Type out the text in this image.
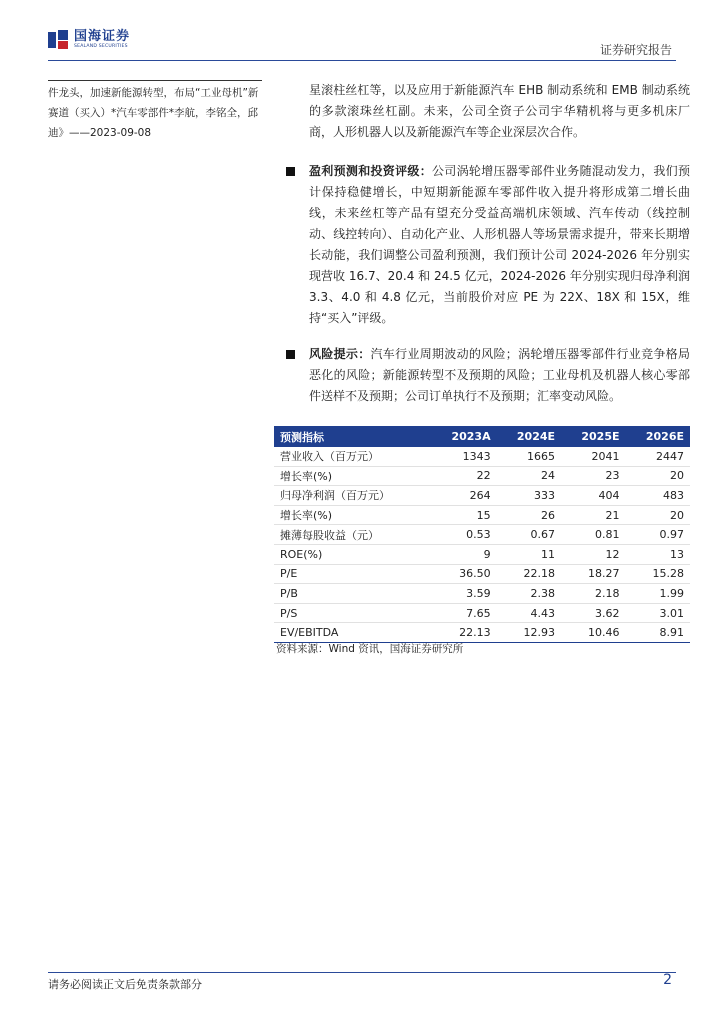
国海证券
SEALAND SECURITIES	证券研究报告
件龙头，加速新能源转型，布局“工业母机”新赛道（买入）*汽车零部件*李航，李铭全，邱迪》——2023-09-08
星滚柱丝杠等，以及应用于新能源汽车 EHB 制动系统和 EMB 制动系统的多款滚珠丝杠副。未来，公司全资子公司宇华精机将与更多机床厂商，人形机器人以及新能源汽车等企业深层次合作。
盈利预测和投资评级：公司涡轮增压器零部件业务随混动发力，我们预计保持稳健增长，中短期新能源车零部件收入提升将形成第二增长曲线，未来丝杠等产品有望充分受益高端机床领域、汽车传动（线控制动、线控转向）、自动化产业、人形机器人等场景需求提升，带来长期增长动能，我们调整公司盈利预测，我们预计公司 2024-2026 年分别实现营收 16.7、20.4 和 24.5 亿元，2024-2026 年分别实现归母净利润 3.3、4.0 和 4.8 亿元，当前股价对应 PE 为 22X、18X 和 15X，维持“买入”评级。
风险提示：汽车行业周期波动的风险；涡轮增压器零部件行业竞争格局恶化的风险；新能源转型不及预期的风险；工业母机及机器人核心零部件送样不及预期；公司订单执行不及预期；汇率变动风险。
预测指标	2023A	2024E	2025E	2026E
营业收入（百万元）	1343	1665	2041	2447
增长率(%)	22	24	23	20
归母净利润（百万元）	264	333	404	483
增长率(%)	15	26	21	20
摊薄每股收益（元）	0.53	0.67	0.81	0.97
ROE(%)	9	11	12	13
P/E	36.50	22.18	18.27	15.28
P/B	3.59	2.38	2.18	1.99
P/S	7.65	4.43	3.62	3.01
EV/EBITDA	22.13	12.93	10.46	8.91
资料来源：Wind 资讯，国海证券研究所
请务必阅读正文后免责条款部分	2
